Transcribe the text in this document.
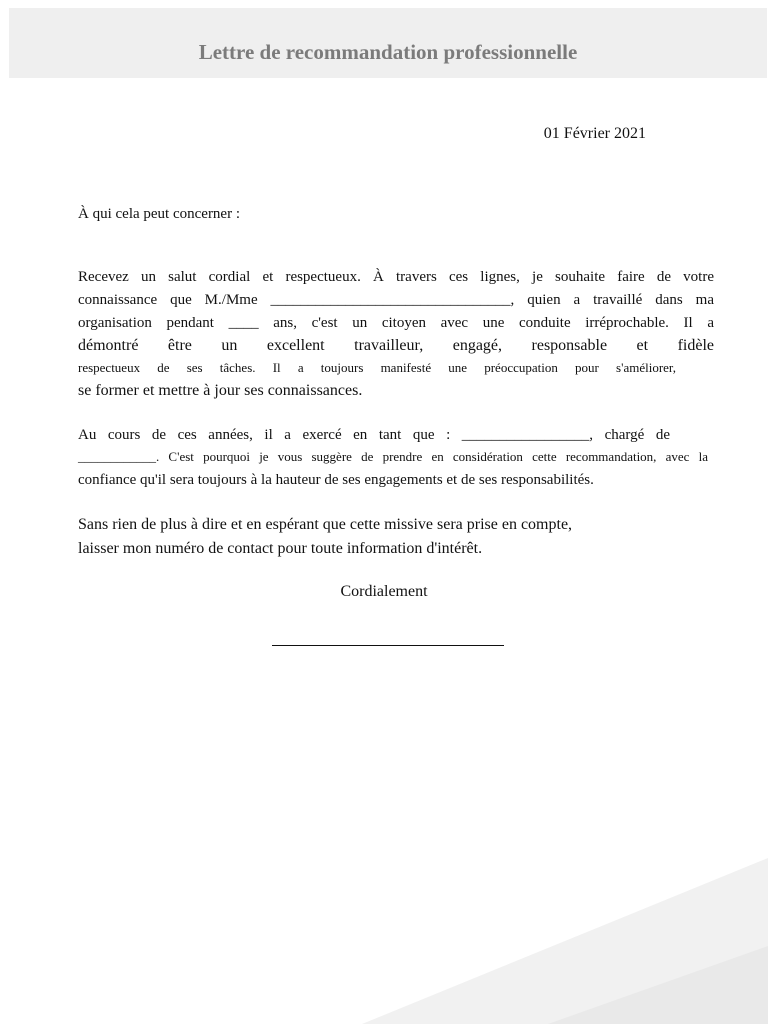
Lettre de recommandation professionnelle
01 Février 2021
À qui cela peut concerner :
Recevez un salut cordial et respectueux. À travers ces lignes, je souhaite faire de votre
connaissance que M./Mme ________________________________, quien a travaillé dans ma
organisation pendant ____ ans, c'est un citoyen avec une conduite irréprochable. Il a
démontré être un excellent travailleur, engagé, responsable et fidèle
respectueux de ses tâches. Il a toujours manifesté une préoccupation pour s'améliorer,
se former et mettre à jour ses connaissances.
Au cours de ces années, il a exercé en tant que : _________________, chargé de
____________. C'est pourquoi je vous suggère de prendre en considération cette recommandation, avec la
confiance qu'il sera toujours à la hauteur de ses engagements et de ses responsabilités.
Sans rien de plus à dire et en espérant que cette missive sera prise en compte,
laisser mon numéro de contact pour toute information d'intérêt.
Cordialement
